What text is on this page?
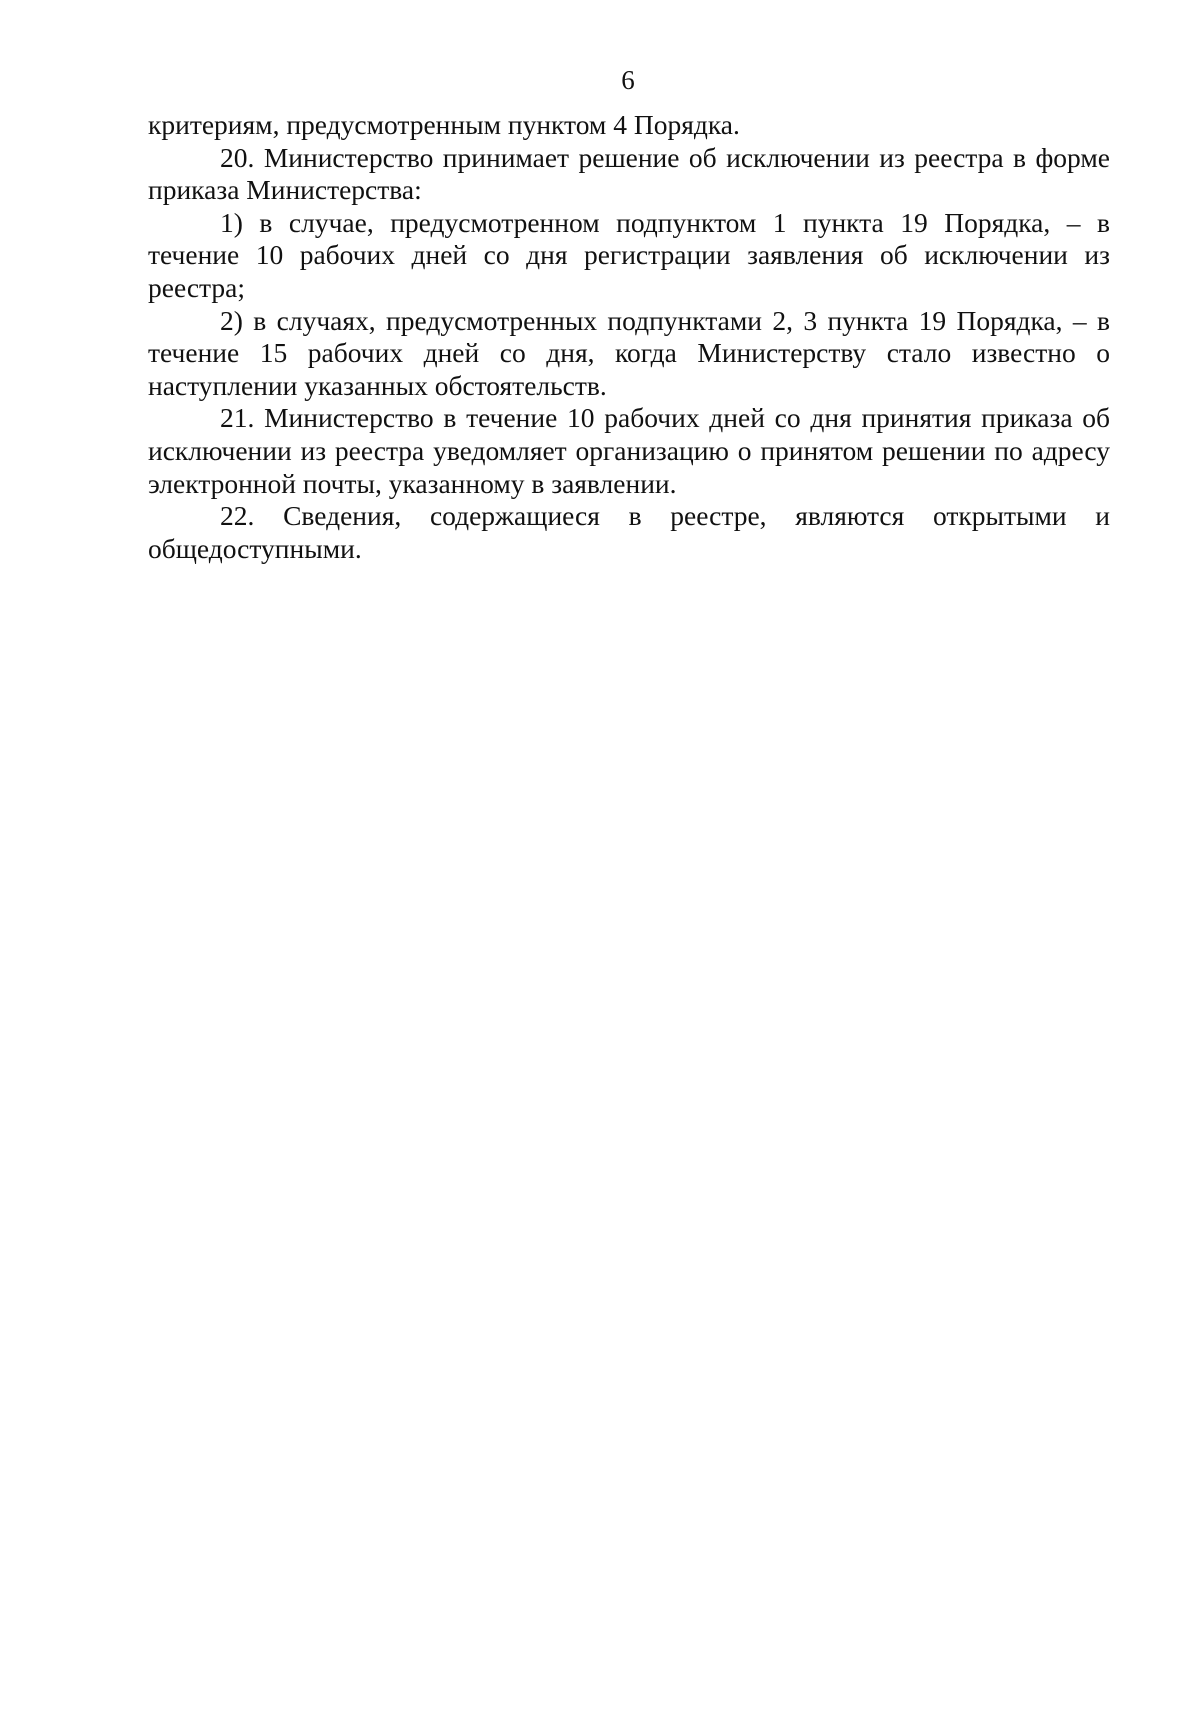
6

критериям, предусмотренным пунктом 4 Порядка.

20. Министерство принимает решение об исключении из реестра в форме приказа Министерства:

1) в случае, предусмотренном подпунктом 1 пункта 19 Порядка, – в течение 10 рабочих дней со дня регистрации заявления об исключении из реестра;

2) в случаях, предусмотренных подпунктами 2, 3 пункта 19 Порядка, – в течение 15 рабочих дней со дня, когда Министерству стало известно о наступлении указанных обстоятельств.

21. Министерство в течение 10 рабочих дней со дня принятия приказа об исключении из реестра уведомляет организацию о принятом решении по адресу электронной почты, указанному в заявлении.

22. Сведения, содержащиеся в реестре, являются открытыми и общедоступными.
